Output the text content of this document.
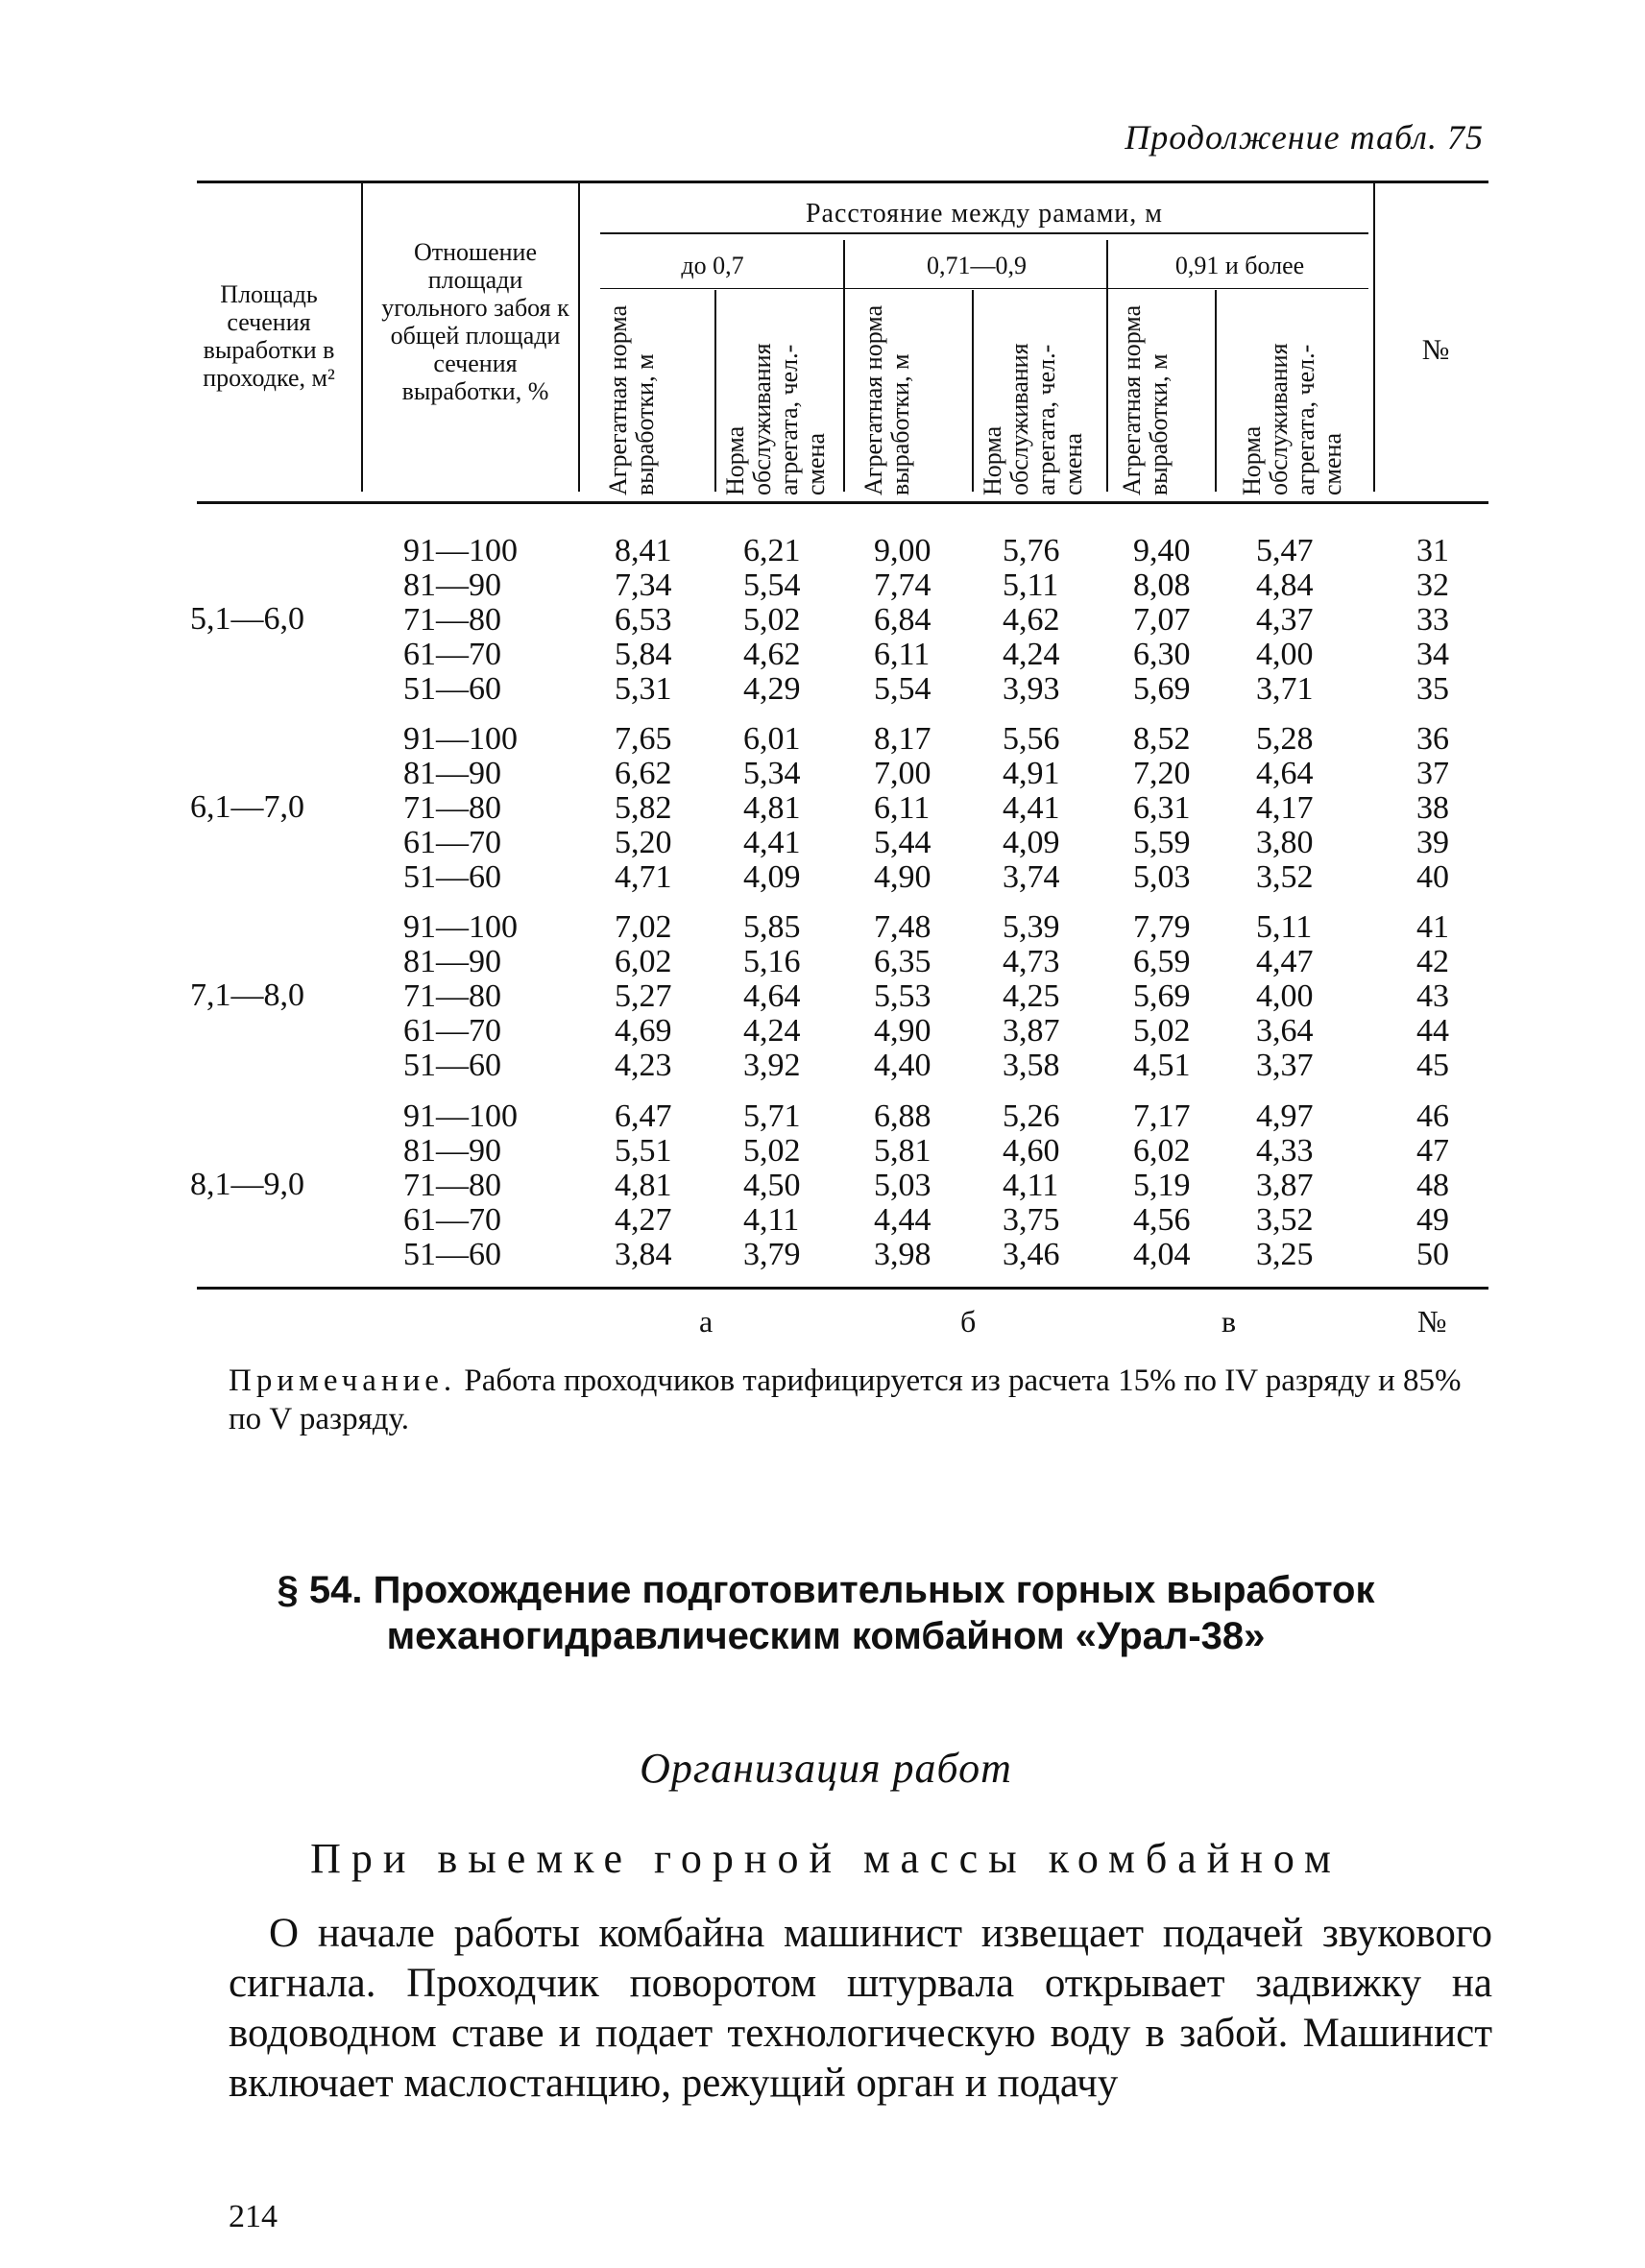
Продолжение табл. 75
Площадь сечения выработки в проходке, м²
Отношение площади угольного забоя к общей площади сечения выработки, %
Расстояние между рамами, м
до 0,7	0,71—0,9	0,91 и более
Агрегатная норма выработки, м	Норма обслуживания агрегата, чел.-смена	Агрегатная норма выработки, м	Норма обслуживания агрегата, чел.-смена	Агрегатная норма выработки, м	Норма обслуживания агрегата, чел.-смена
№
5,1—6,0
91—100	8,41 6,21 9,00 5,76 9,40 5,47	31
81—90	7,34 5,54 7,74 5,11 8,08 4,84	32
71—80	6,53 5,02 6,84 4,62 7,07 4,37	33
61—70	5,84 4,62 6,11 4,24 6,30 4,00	34
51—60	5,31 4,29 5,54 3,93 5,69 3,71	35
6,1—7,0
91—100	7,65 6,01 8,17 5,56 8,52 5,28	36
81—90	6,62 5,34 7,00 4,91 7,20 4,64	37
71—80	5,82 4,81 6,11 4,41 6,31 4,17	38
61—70	5,20 4,41 5,44 4,09 5,59 3,80	39
51—60	4,71 4,09 4,90 3,74 5,03 3,52	40
7,1—8,0
91—100	7,02 5,85 7,48 5,39 7,79 5,11	41
81—90	6,02 5,16 6,35 4,73 6,59 4,47	42
71—80	5,27 4,64 5,53 4,25 5,69 4,00	43
61—70	4,69 4,24 4,90 3,87 5,02 3,64	44
51—60	4,23 3,92 4,40 3,58 4,51 3,37	45
8,1—9,0
91—100	6,47 5,71 6,88 5,26 7,17 4,97	46
81—90	5,51 5,02 5,81 4,60 6,02 4,33	47
71—80	4,81 4,50 5,03 4,11 5,19 3,87	48
61—70	4,27 4,11 4,44 3,75 4,56 3,52	49
51—60	3,84 3,79 3,98 3,46 4,04 3,25	50
а	б	в	№
Примечание. Работа проходчиков тарифицируется из расчета 15% по IV разряду и 85% по V разряду.
§ 54. Прохождение подготовительных горных выработок механогидравлическим комбайном «Урал-38»
Организация работ
При выемке горной массы комбайном
О начале работы комбайна машинист извещает подачей звукового сигнала. Проходчик поворотом штурвала открывает задвижку на водоводном ставе и подает технологическую воду в забой. Машинист включает маслостанцию, режущий орган и подачу
214
